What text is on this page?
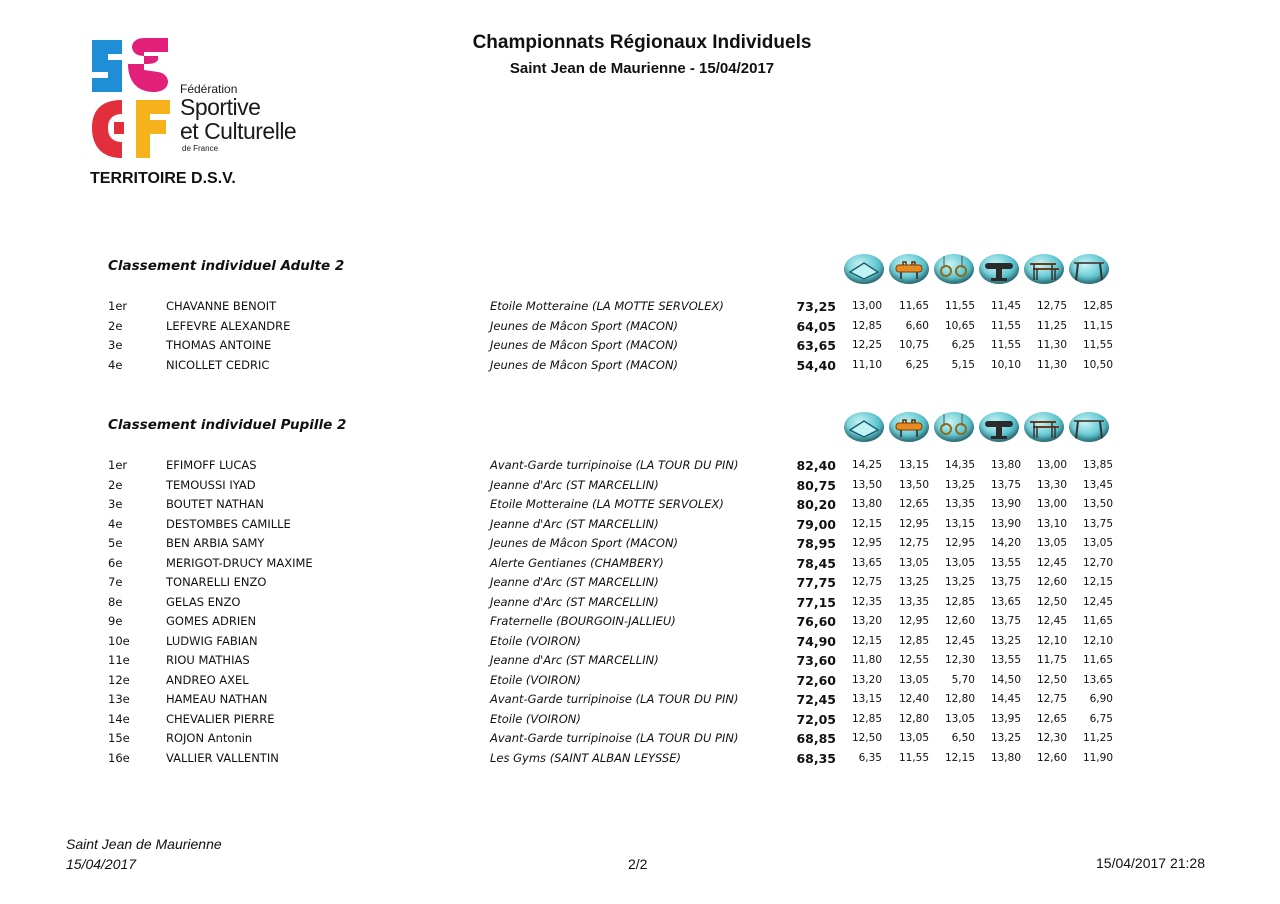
Fédération
Sportive
et Culturelle
de France
TERRITOIRE D.S.V.
Championnats Régionaux Individuels
Saint Jean de Maurienne - 15/04/2017
Classement individuel Adulte 2
1er	CHAVANNE BENOIT	Etoile Motteraine (LA MOTTE SERVOLEX)	73,25	13,00	11,65	11,55	11,45	12,75	12,85
2e	LEFEVRE ALEXANDRE	Jeunes de Mâcon Sport (MACON)	64,05	12,85	6,60	10,65	11,55	11,25	11,15
3e	THOMAS ANTOINE	Jeunes de Mâcon Sport (MACON)	63,65	12,25	10,75	6,25	11,55	11,30	11,55
4e	NICOLLET CEDRIC	Jeunes de Mâcon Sport (MACON)	54,40	11,10	6,25	5,15	10,10	11,30	10,50
Classement individuel Pupille 2
1er	EFIMOFF LUCAS	Avant-Garde turripinoise (LA TOUR DU PIN)	82,40	14,25	13,15	14,35	13,80	13,00	13,85
2e	TEMOUSSI IYAD	Jeanne d'Arc (ST MARCELLIN)	80,75	13,50	13,50	13,25	13,75	13,30	13,45
3e	BOUTET NATHAN	Etoile Motteraine (LA MOTTE SERVOLEX)	80,20	13,80	12,65	13,35	13,90	13,00	13,50
4e	DESTOMBES CAMILLE	Jeanne d'Arc (ST MARCELLIN)	79,00	12,15	12,95	13,15	13,90	13,10	13,75
5e	BEN ARBIA SAMY	Jeunes de Mâcon Sport (MACON)	78,95	12,95	12,75	12,95	14,20	13,05	13,05
6e	MERIGOT-DRUCY MAXIME	Alerte Gentianes (CHAMBERY)	78,45	13,65	13,05	13,05	13,55	12,45	12,70
7e	TONARELLI ENZO	Jeanne d'Arc (ST MARCELLIN)	77,75	12,75	13,25	13,25	13,75	12,60	12,15
8e	GELAS ENZO	Jeanne d'Arc (ST MARCELLIN)	77,15	12,35	13,35	12,85	13,65	12,50	12,45
9e	GOMES ADRIEN	Fraternelle (BOURGOIN-JALLIEU)	76,60	13,20	12,95	12,60	13,75	12,45	11,65
10e	LUDWIG FABIAN	Etoile (VOIRON)	74,90	12,15	12,85	12,45	13,25	12,10	12,10
11e	RIOU MATHIAS	Jeanne d'Arc (ST MARCELLIN)	73,60	11,80	12,55	12,30	13,55	11,75	11,65
12e	ANDREO AXEL	Etoile (VOIRON)	72,60	13,20	13,05	5,70	14,50	12,50	13,65
13e	HAMEAU NATHAN	Avant-Garde turripinoise (LA TOUR DU PIN)	72,45	13,15	12,40	12,80	14,45	12,75	6,90
14e	CHEVALIER PIERRE	Etoile (VOIRON)	72,05	12,85	12,80	13,05	13,95	12,65	6,75
15e	ROJON Antonin	Avant-Garde turripinoise (LA TOUR DU PIN)	68,85	12,50	13,05	6,50	13,25	12,30	11,25
16e	VALLIER VALLENTIN	Les Gyms (SAINT ALBAN LEYSSE)	68,35	6,35	11,55	12,15	13,80	12,60	11,90
Saint Jean de Maurienne
15/04/2017	2/2	15/04/2017 21:28
